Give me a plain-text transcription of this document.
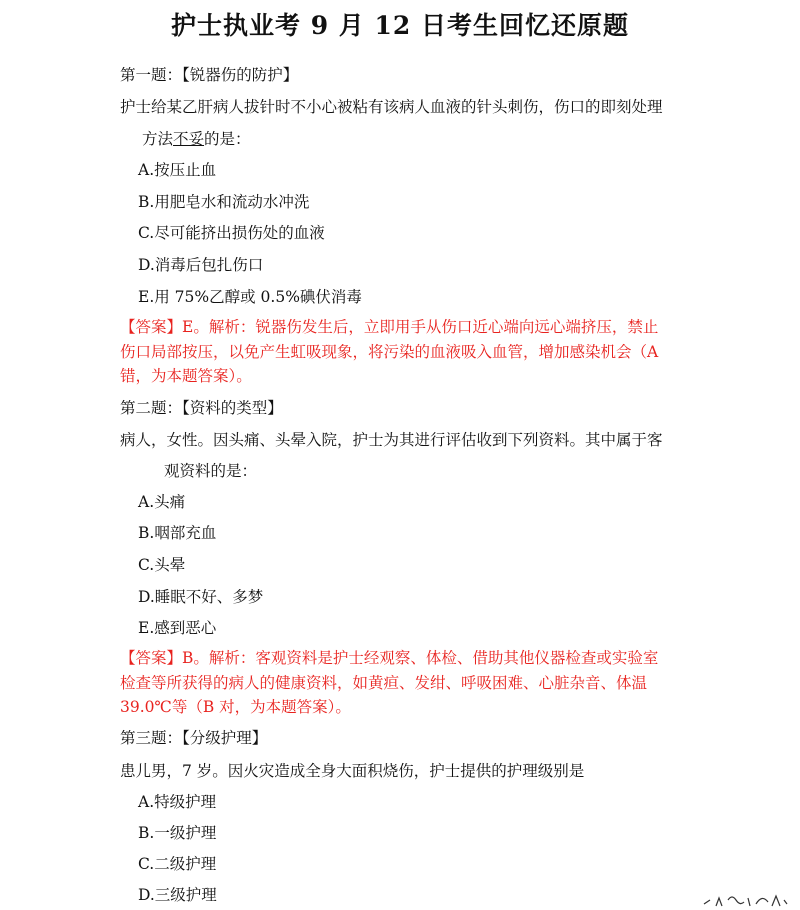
护士执业考 9 月 12 日考生回忆还原题

第一题：【锐器伤的防护】

护士给某乙肝病人拔针时不小心被粘有该病人血液的针头刺伤，伤口的即刻处理

方法不妥的是：

A.按压止血

B.用肥皂水和流动水冲洗

C.尽可能挤出损伤处的血液

D.消毒后包扎伤口

E.用 75%乙醇或 0.5%碘伏消毒

【答案】E。解析：锐器伤发生后，立即用手从伤口近心端向远心端挤压，禁止

伤口局部按压，以免产生虹吸现象，将污染的血液吸入血管，增加感染机会（A

错，为本题答案）。

第二题：【资料的类型】

病人，女性。因头痛、头晕入院，护士为其进行评估收到下列资料。其中属于客

观资料的是：

A.头痛

B.咽部充血

C.头晕

D.睡眠不好、多梦

E.感到恶心

【答案】B。解析：客观资料是护士经观察、体检、借助其他仪器检查或实验室

检查等所获得的病人的健康资料，如黄疸、发绀、呼吸困难、心脏杂音、体温

39.0℃等（B 对，为本题答案）。

第三题：【分级护理】

患儿男，7 岁。因火灾造成全身大面积烧伤，护士提供的护理级别是

A.特级护理

B.一级护理

C.二级护理

D.三级护理
